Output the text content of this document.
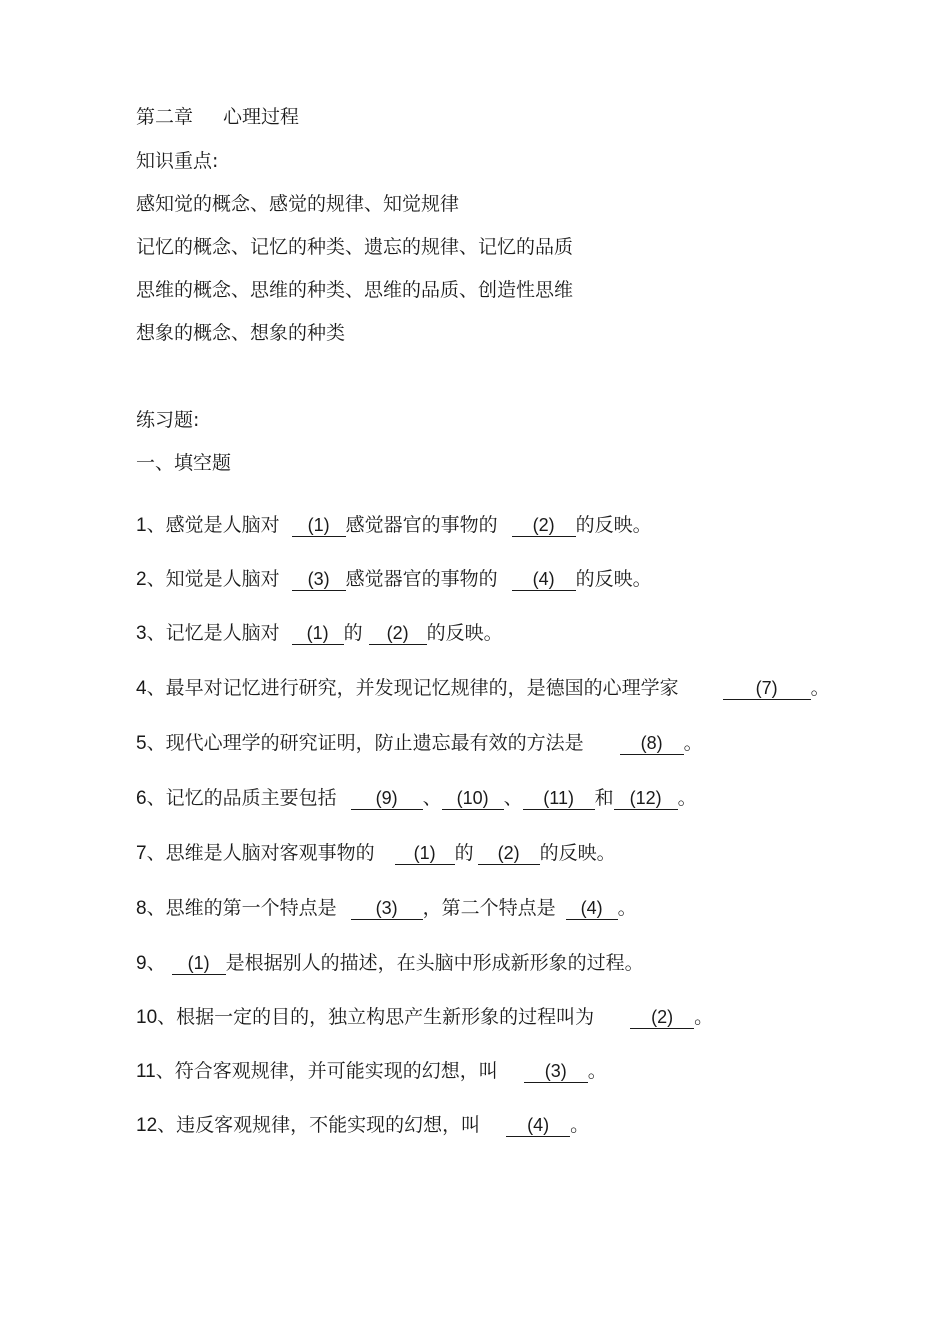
第二章 心理过程
知识重点:
感知觉的概念、感觉的规律、知觉规律
记忆的概念、记忆的种类、遗忘的规律、记忆的品质
思维的概念、思维的种类、思维的品质、创造性思维
想象的概念、想象的种类
练习题:
一、填空题
1、感觉是人脑对 (1) 感觉器官的事物的 (2) 的反映。
2、知觉是人脑对 (3) 感觉器官的事物的 (4) 的反映。
3、记忆是人脑对 (1) 的 (2) 的反映。
4、最早对记忆进行研究，并发现记忆规律的，是德国的心理学家	(7) 。
5、现代心理学的研究证明，防止遗忘最有效的方法是	(8) 。
6、记忆的品质主要包括 (9) 、 (10) 、 (11) 和 (12) 。
7、思维是人脑对客观事物的 (1) 的 (2) 的反映。
8、思维的第一个特点是 (3) ，第二个特点是 (4) 。
9、 (1) 是根据别人的描述，在头脑中形成新形象的过程。
10、根据一定的目的，独立构思产生新形象的过程叫为	(2) 。
11、符合客观规律，并可能实现的幻想，叫	(3) 。
12、违反客观规律，不能实现的幻想，叫	(4) 。
